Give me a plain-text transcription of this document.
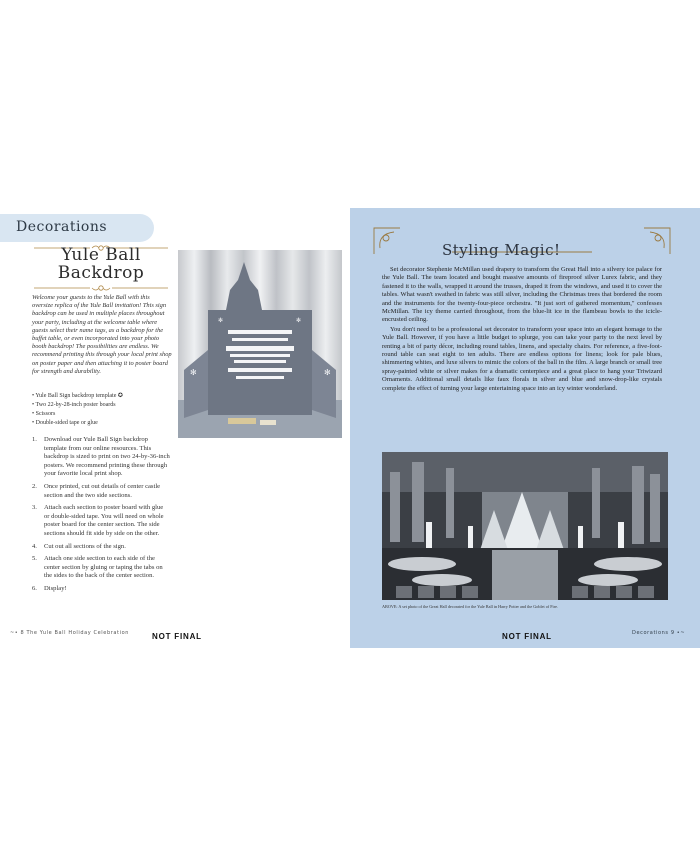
Decorations
Yule Ball
Backdrop
Welcome your guests to the Yule Ball with this oversize replica of the Yule Ball invitation! This sign backdrop can be used in multiple places throughout your party, including at the welcome table where guests select their name tags, as a backdrop for the buffet table, or even incorporated into your photo booth backdrop! The possibilities are endless. We recommend printing this through your local print shop on poster paper and then attaching it to poster board for strength and durability.
• Yule Ball Sign backdrop template ✪
• Two 22-by-28-inch poster boards
• Scissors
• Double-sided tape or glue
1. Download our Yule Ball Sign backdrop template from our online resources. This backdrop is sized to print on two 24-by-36-inch posters. We recommend printing these through your favorite local print shop.
2. Once printed, cut out details of center castle section and the two side sections.
3. Attach each section to poster board with glue or double-sided tape. You will need on whole poster board for the center section. The side sections should fit side by side on the other.
4. Cut out all sections of the sign.
5. Attach one side section to each side of the center section by gluing or taping the tabs on the sides to the back of the center section.
6. Display!
✻	✻
✻	✻
~• 8 The Yule Ball Holiday Celebration	NOT FINAL
Styling Magic!

Set decorator Stephenie McMillan used drapery to transform the Great Hall into a silvery ice palace for the Yule Ball. The team located and bought massive amounts of fireproof silver Lurex fabric, and they fastened it to the walls, wrapped it around the trusses, draped it from the windows, and used it to cover the tables. What wasn't swathed in fabric was still silver, including the Christmas trees that bordered the room and the instruments for the twenty-four-piece orchestra. "It just sort of gathered momentum," confesses McMillan. The icy theme carried throughout, from the blue-lit ice in the flambeau bowls to the icicle-encrusted ceiling.

You don't need to be a professional set decorator to transform your space into an elegant homage to the Yule Ball. However, if you have a little budget to splurge, you can take your party to the next level by renting a bit of party décor, including round tables, linens, and specialty chairs. For reference, a five-foot-round table can seat eight to ten adults. There are endless options for linens; look for pale blues, shimmering whites, and luxe silvers to mimic the colors of the ball in the film. A large branch or small tree spray-painted white or silver makes for a dramatic centerpiece and a great place to hang your Triwizard Ornaments. Additional small details like faux florals in silver and blue and snow-drop-like crystals complete the effect of turning your large entertaining space into an icy winter wonderland.

ABOVE: A set photo of the Great Hall decorated for the Yule Ball in Harry Potter and the Goblet of Fire.
NOT FINAL	Decorations 9 •~
